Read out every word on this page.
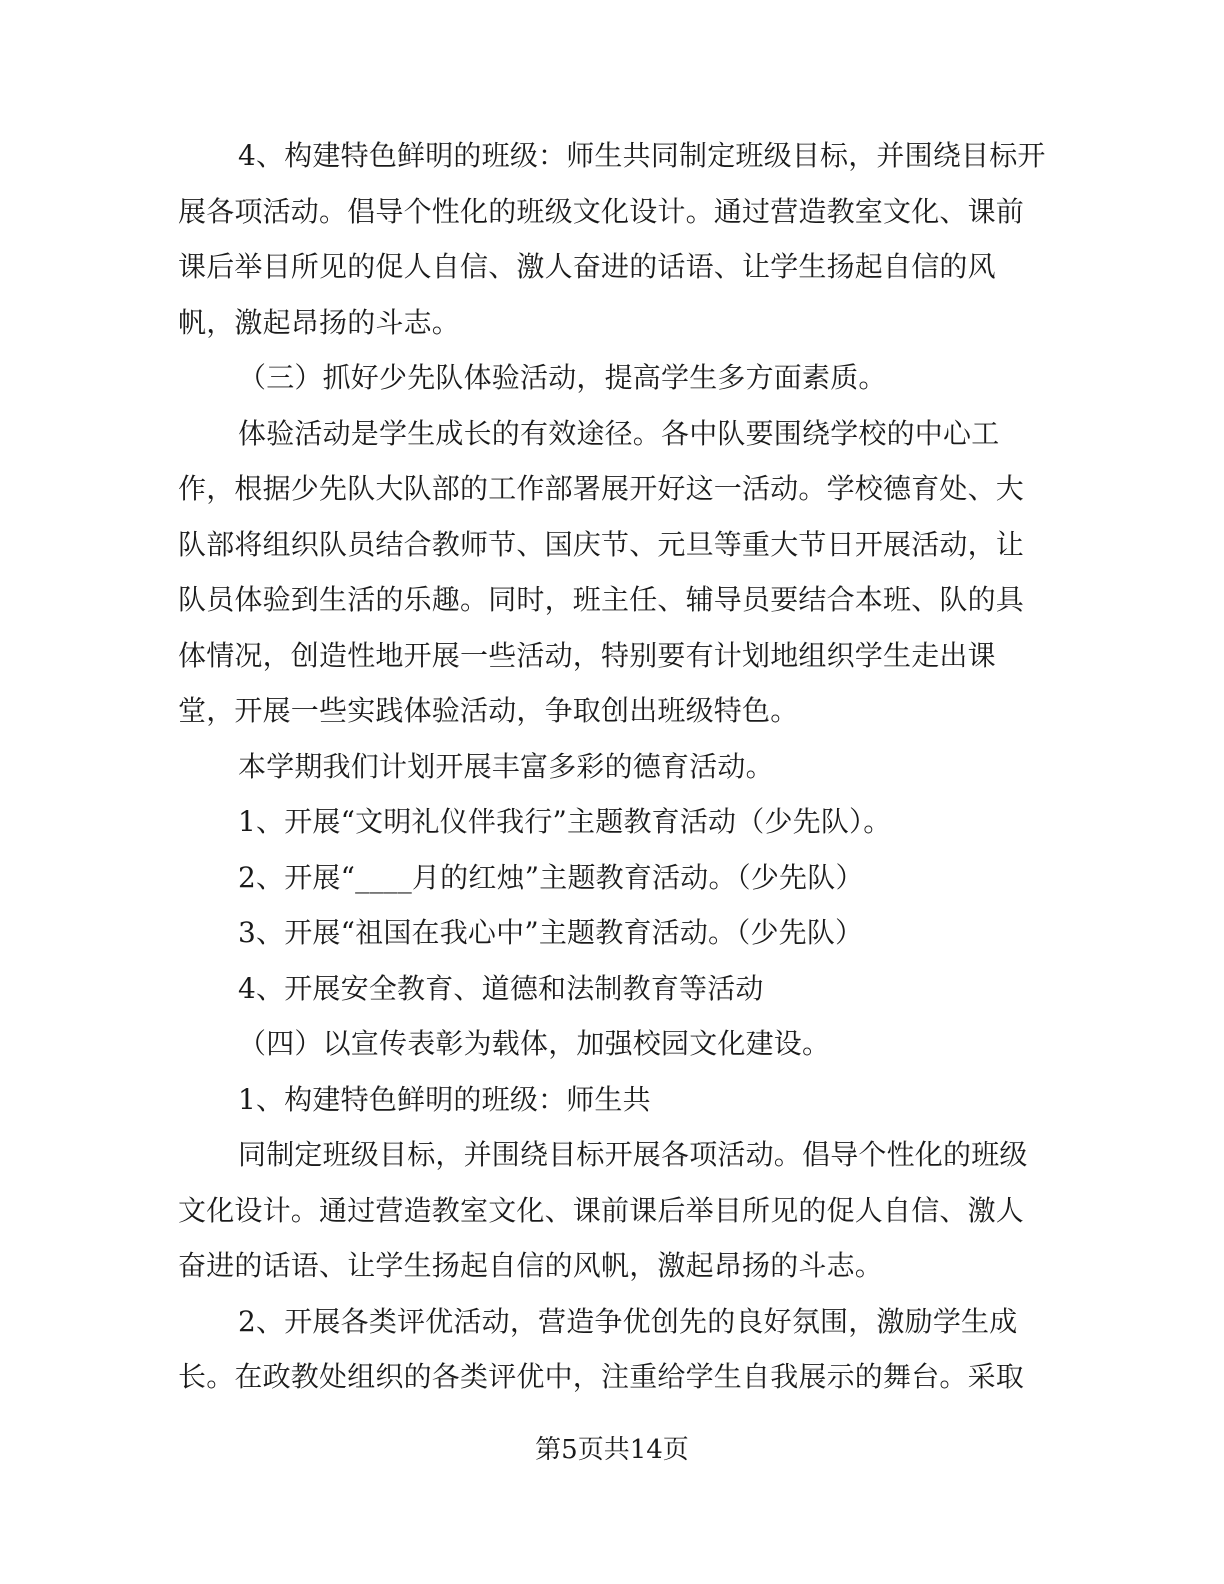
4、构建特色鲜明的班级：师生共同制定班级目标，并围绕目标开
展各项活动。倡导个性化的班级文化设计。通过营造教室文化、课前
课后举目所见的促人自信、激人奋进的话语、让学生扬起自信的风
帆，激起昂扬的斗志。
（三）抓好少先队体验活动，提高学生多方面素质。
体验活动是学生成长的有效途径。各中队要围绕学校的中心工
作，根据少先队大队部的工作部署展开好这一活动。学校德育处、大
队部将组织队员结合教师节、国庆节、元旦等重大节日开展活动，让
队员体验到生活的乐趣。同时，班主任、辅导员要结合本班、队的具
体情况，创造性地开展一些活动，特别要有计划地组织学生走出课
堂，开展一些实践体验活动，争取创出班级特色。
本学期我们计划开展丰富多彩的德育活动。
1、开展“文明礼仪伴我行”主题教育活动（少先队）。
2、开展“____月的红烛”主题教育活动。（少先队）
3、开展“祖国在我心中”主题教育活动。（少先队）
4、开展安全教育、道德和法制教育等活动
（四）以宣传表彰为载体，加强校园文化建设。
1、构建特色鲜明的班级：师生共
同制定班级目标，并围绕目标开展各项活动。倡导个性化的班级
文化设计。通过营造教室文化、课前课后举目所见的促人自信、激人
奋进的话语、让学生扬起自信的风帆，激起昂扬的斗志。
2、开展各类评优活动，营造争优创先的良好氛围，激励学生成
长。在政教处组织的各类评优中，注重给学生自我展示的舞台。采取
第5页共14页
